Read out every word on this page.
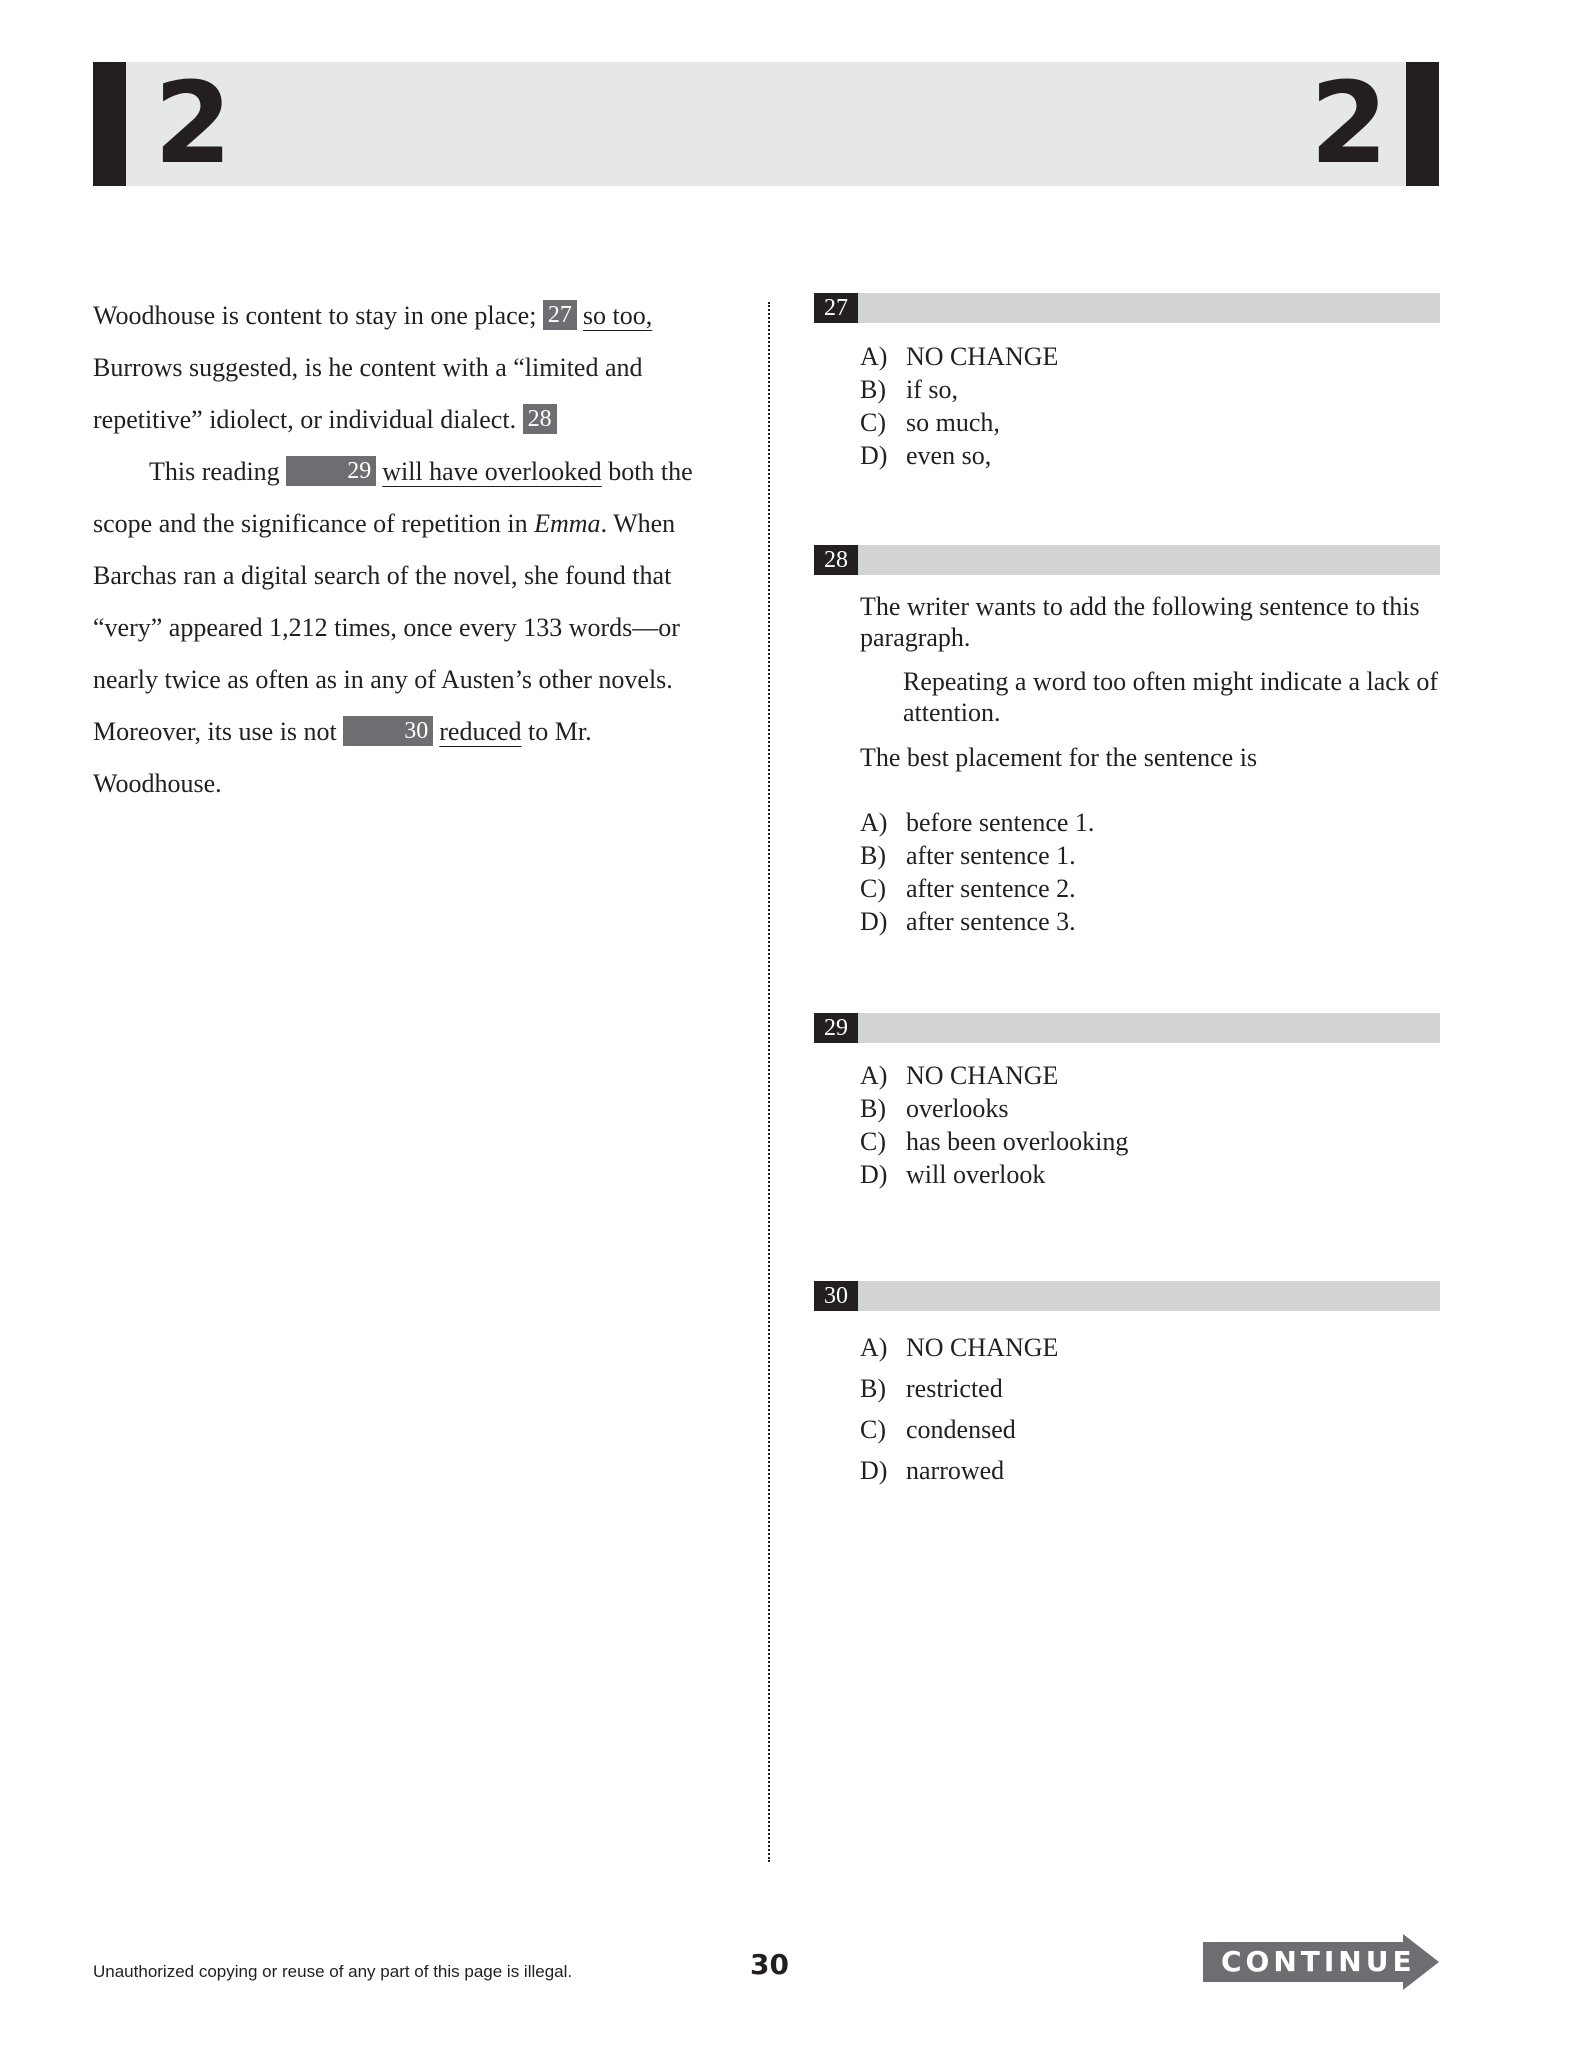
2	2

Woodhouse is content to stay in one place; 27 so too, Burrows suggested, is he content with a “limited and repetitive” idiolect, or individual dialect. 28

This reading	29 will have overlooked both the scope and the significance of repetition in Emma. When Barchas ran a digital search of the novel, she found that “very” appeared 1,212 times, once every 133 words—or nearly twice as often as in any of Austen’s other novels. Moreover, its use is not	30 reduced to Mr. Woodhouse.

27
A) NO CHANGE
B) if so,
C) so much,
D) even so,
28

The writer wants to add the following sentence to this paragraph.

Repeating a word too often might indicate a lack of attention.

The best placement for the sentence is

A) before sentence 1.
B) after sentence 1.
C) after sentence 2.
D) after sentence 3.
29
A) NO CHANGE
B) overlooks
C) has been overlooking
D) will overlook
30
A) NO CHANGE
B) restricted
C) condensed
D) narrowed
Unauthorized copying or reuse of any part of this page is illegal.	30	CONTINUE
